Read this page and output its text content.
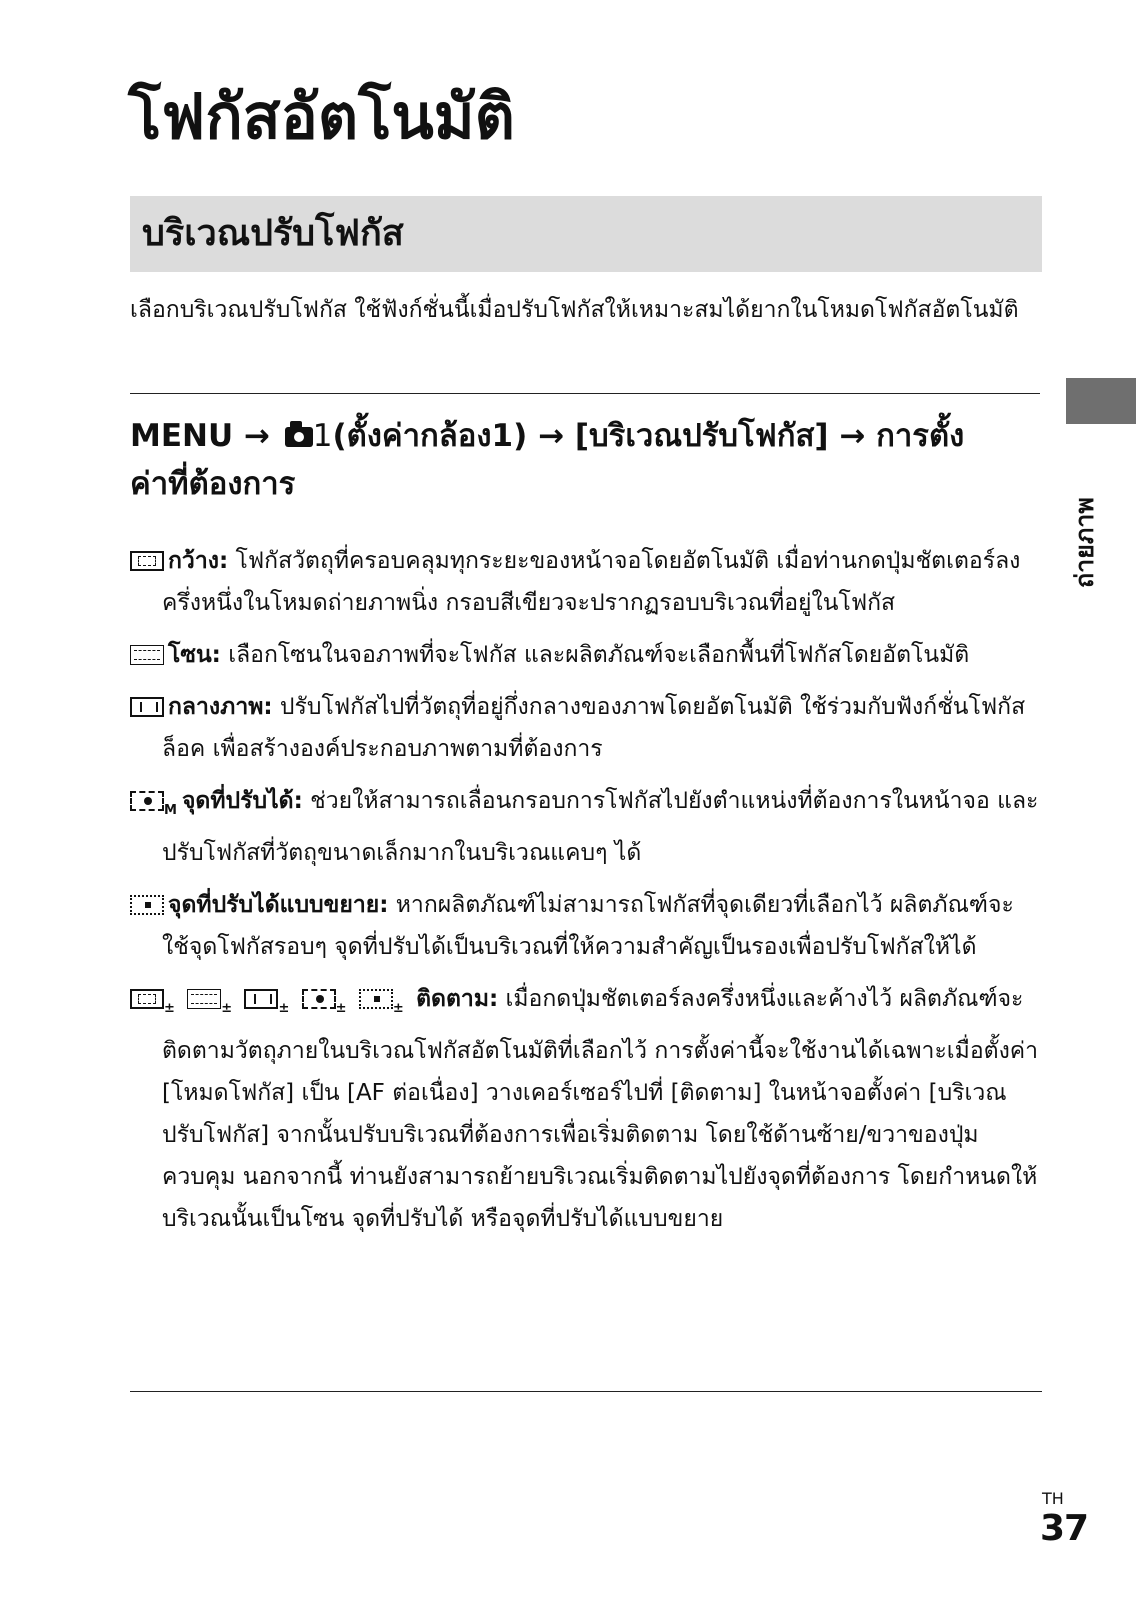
โฟกัสอัตโนมัติ
บริเวณปรับโฟกัส
เลือกบริเวณปรับโฟกัส ใช้ฟังก์ชั่นนี้เมื่อปรับโฟกัสให้เหมาะสมได้ยากในโหมดโฟกัสอัตโนมัติ
MENU → 1(ตั้งค่ากล้อง1) → [บริเวณปรับโฟกัส] → การตั้งค่าที่ต้องการ
กว้าง: โฟกัสวัตถุที่ครอบคลุมทุกระยะของหน้าจอโดยอัตโนมัติ เมื่อท่านกดปุ่มชัตเตอร์ลงครึ่งหนึ่งในโหมดถ่ายภาพนิ่ง กรอบสีเขียวจะปรากฏรอบบริเวณที่อยู่ในโฟกัส
โซน: เลือกโซนในจอภาพที่จะโฟกัส และผลิตภัณฑ์จะเลือกพื้นที่โฟกัสโดยอัตโนมัติ
กลางภาพ: ปรับโฟกัสไปที่วัตถุที่อยู่กึ่งกลางของภาพโดยอัตโนมัติ ใช้ร่วมกับฟังก์ชั่นโฟกัสล็อค เพื่อสร้างองค์ประกอบภาพตามที่ต้องการ
$_M$ จุดที่ปรับได้: ช่วยให้สามารถเลื่อนกรอบการโฟกัสไปยังตำแหน่งที่ต้องการในหน้าจอ และปรับโฟกัสที่วัตถุขนาดเล็กมากในบริเวณแคบๆ ได้
จุดที่ปรับได้แบบขยาย: หากผลิตภัณฑ์ไม่สามารถโฟกัสที่จุดเดียวที่เลือกไว้ ผลิตภัณฑ์จะใช้จุดโฟกัสรอบๆ จุดที่ปรับได้เป็นบริเวณที่ให้ความสำคัญเป็นรองเพื่อปรับโฟกัสให้ได้
$_\pm$	$_\pm$	$_\pm$	$_\pm$	$_\pm$ ติดตาม: เมื่อกดปุ่มชัตเตอร์ลงครึ่งหนึ่งและค้างไว้ ผลิตภัณฑ์จะติดตามวัตถุภายในบริเวณโฟกัสอัตโนมัติที่เลือกไว้ การตั้งค่านี้จะใช้งานได้เฉพาะเมื่อตั้งค่า [โหมดโฟกัส] เป็น [AF ต่อเนื่อง] วางเคอร์เซอร์ไปที่ [ติดตาม] ในหน้าจอตั้งค่า [บริเวณปรับโฟกัส] จากนั้นปรับบริเวณที่ต้องการเพื่อเริ่มติดตาม โดยใช้ด้านซ้าย/ขวาของปุ่มควบคุม นอกจากนี้ ท่านยังสามารถย้ายบริเวณเริ่มติดตามไปยังจุดที่ต้องการ โดยกำหนดให้บริเวณนั้นเป็นโซน จุดที่ปรับได้ หรือจุดที่ปรับได้แบบขยาย
ถ่ายภาพ
TH
37
